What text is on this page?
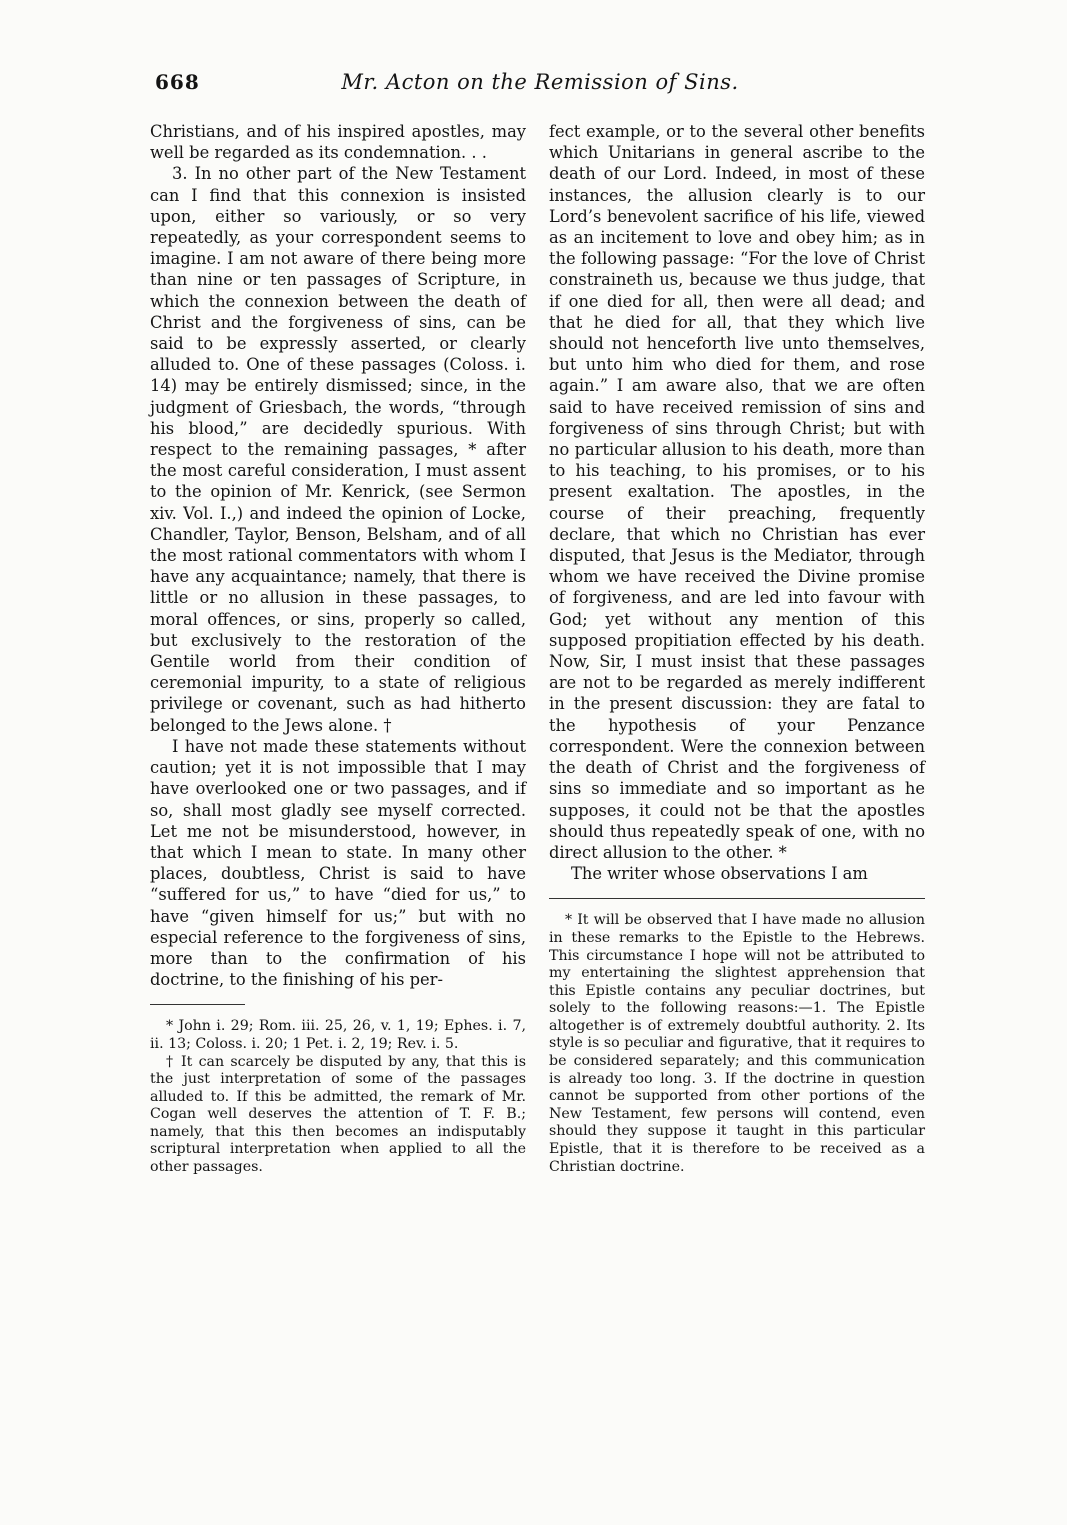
668	Mr. Acton on the Remission of Sins.

Christians, and of his inspired apostles, may well be regarded as its condemnation. . .

3. In no other part of the New Testament can I find that this connexion is insisted upon, either so variously, or so very repeatedly, as your correspondent seems to imagine. I am not aware of there being more than nine or ten passages of Scripture, in which the connexion between the death of Christ and the forgiveness of sins, can be said to be expressly asserted, or clearly alluded to. One of these passages (Coloss. i. 14) may be entirely dismissed; since, in the judgment of Griesbach, the words, “through his blood,” are decidedly spurious. With respect to the remaining passages, * after the most careful consideration, I must assent to the opinion of Mr. Kenrick, (see Sermon xiv. Vol. I.,) and indeed the opinion of Locke, Chandler, Taylor, Benson, Belsham, and of all the most rational commentators with whom I have any acquaintance; namely, that there is little or no allusion in these passages, to moral offences, or sins, properly so called, but exclusively to the restoration of the Gentile world from their condition of ceremonial impurity, to a state of religious privilege or covenant, such as had hitherto belonged to the Jews alone. †

I have not made these statements without caution; yet it is not impossible that I may have overlooked one or two passages, and if so, shall most gladly see myself corrected. Let me not be misunderstood, however, in that which I mean to state. In many other places, doubtless, Christ is said to have “suffered for us,” to have “died for us,” to have “given himself for us;” but with no especial reference to the forgiveness of sins, more than to the confirmation of his doctrine, to the finishing of his per-

* John i. 29; Rom. iii. 25, 26, v. 1, 19; Ephes. i. 7, ii. 13; Coloss. i. 20; 1 Pet. i. 2, 19; Rev. i. 5.

† It can scarcely be disputed by any, that this is the just interpretation of some of the passages alluded to. If this be admitted, the remark of Mr. Cogan well deserves the attention of T. F. B.; namely, that this then becomes an indisputably scriptural interpretation when applied to all the other passages.

fect example, or to the several other benefits which Unitarians in general ascribe to the death of our Lord. Indeed, in most of these instances, the allusion clearly is to our Lord’s benevolent sacrifice of his life, viewed as an incitement to love and obey him; as in the following passage: “For the love of Christ constraineth us, because we thus judge, that if one died for all, then were all dead; and that he died for all, that they which live should not henceforth live unto themselves, but unto him who died for them, and rose again.” I am aware also, that we are often said to have received remission of sins and forgiveness of sins through Christ; but with no particular allusion to his death, more than to his teaching, to his promises, or to his present exaltation. The apostles, in the course of their preaching, frequently declare, that which no Christian has ever disputed, that Jesus is the Mediator, through whom we have received the Divine promise of forgiveness, and are led into favour with God; yet without any mention of this supposed propitiation effected by his death. Now, Sir, I must insist that these passages are not to be regarded as merely indifferent in the present discussion: they are fatal to the hypothesis of your Penzance correspondent. Were the connexion between the death of Christ and the forgiveness of sins so immediate and so important as he supposes, it could not be that the apostles should thus repeatedly speak of one, with no direct allusion to the other. *

The writer whose observations I am

* It will be observed that I have made no allusion in these remarks to the Epistle to the Hebrews. This circumstance I hope will not be attributed to my entertaining the slightest apprehension that this Epistle contains any peculiar doctrines, but solely to the following reasons:—1. The Epistle altogether is of extremely doubtful authority. 2. Its style is so peculiar and figurative, that it requires to be considered separately; and this communication is already too long. 3. If the doctrine in question cannot be supported from other portions of the New Testament, few persons will contend, even should they suppose it taught in this particular Epistle, that it is therefore to be received as a Christian doctrine.
